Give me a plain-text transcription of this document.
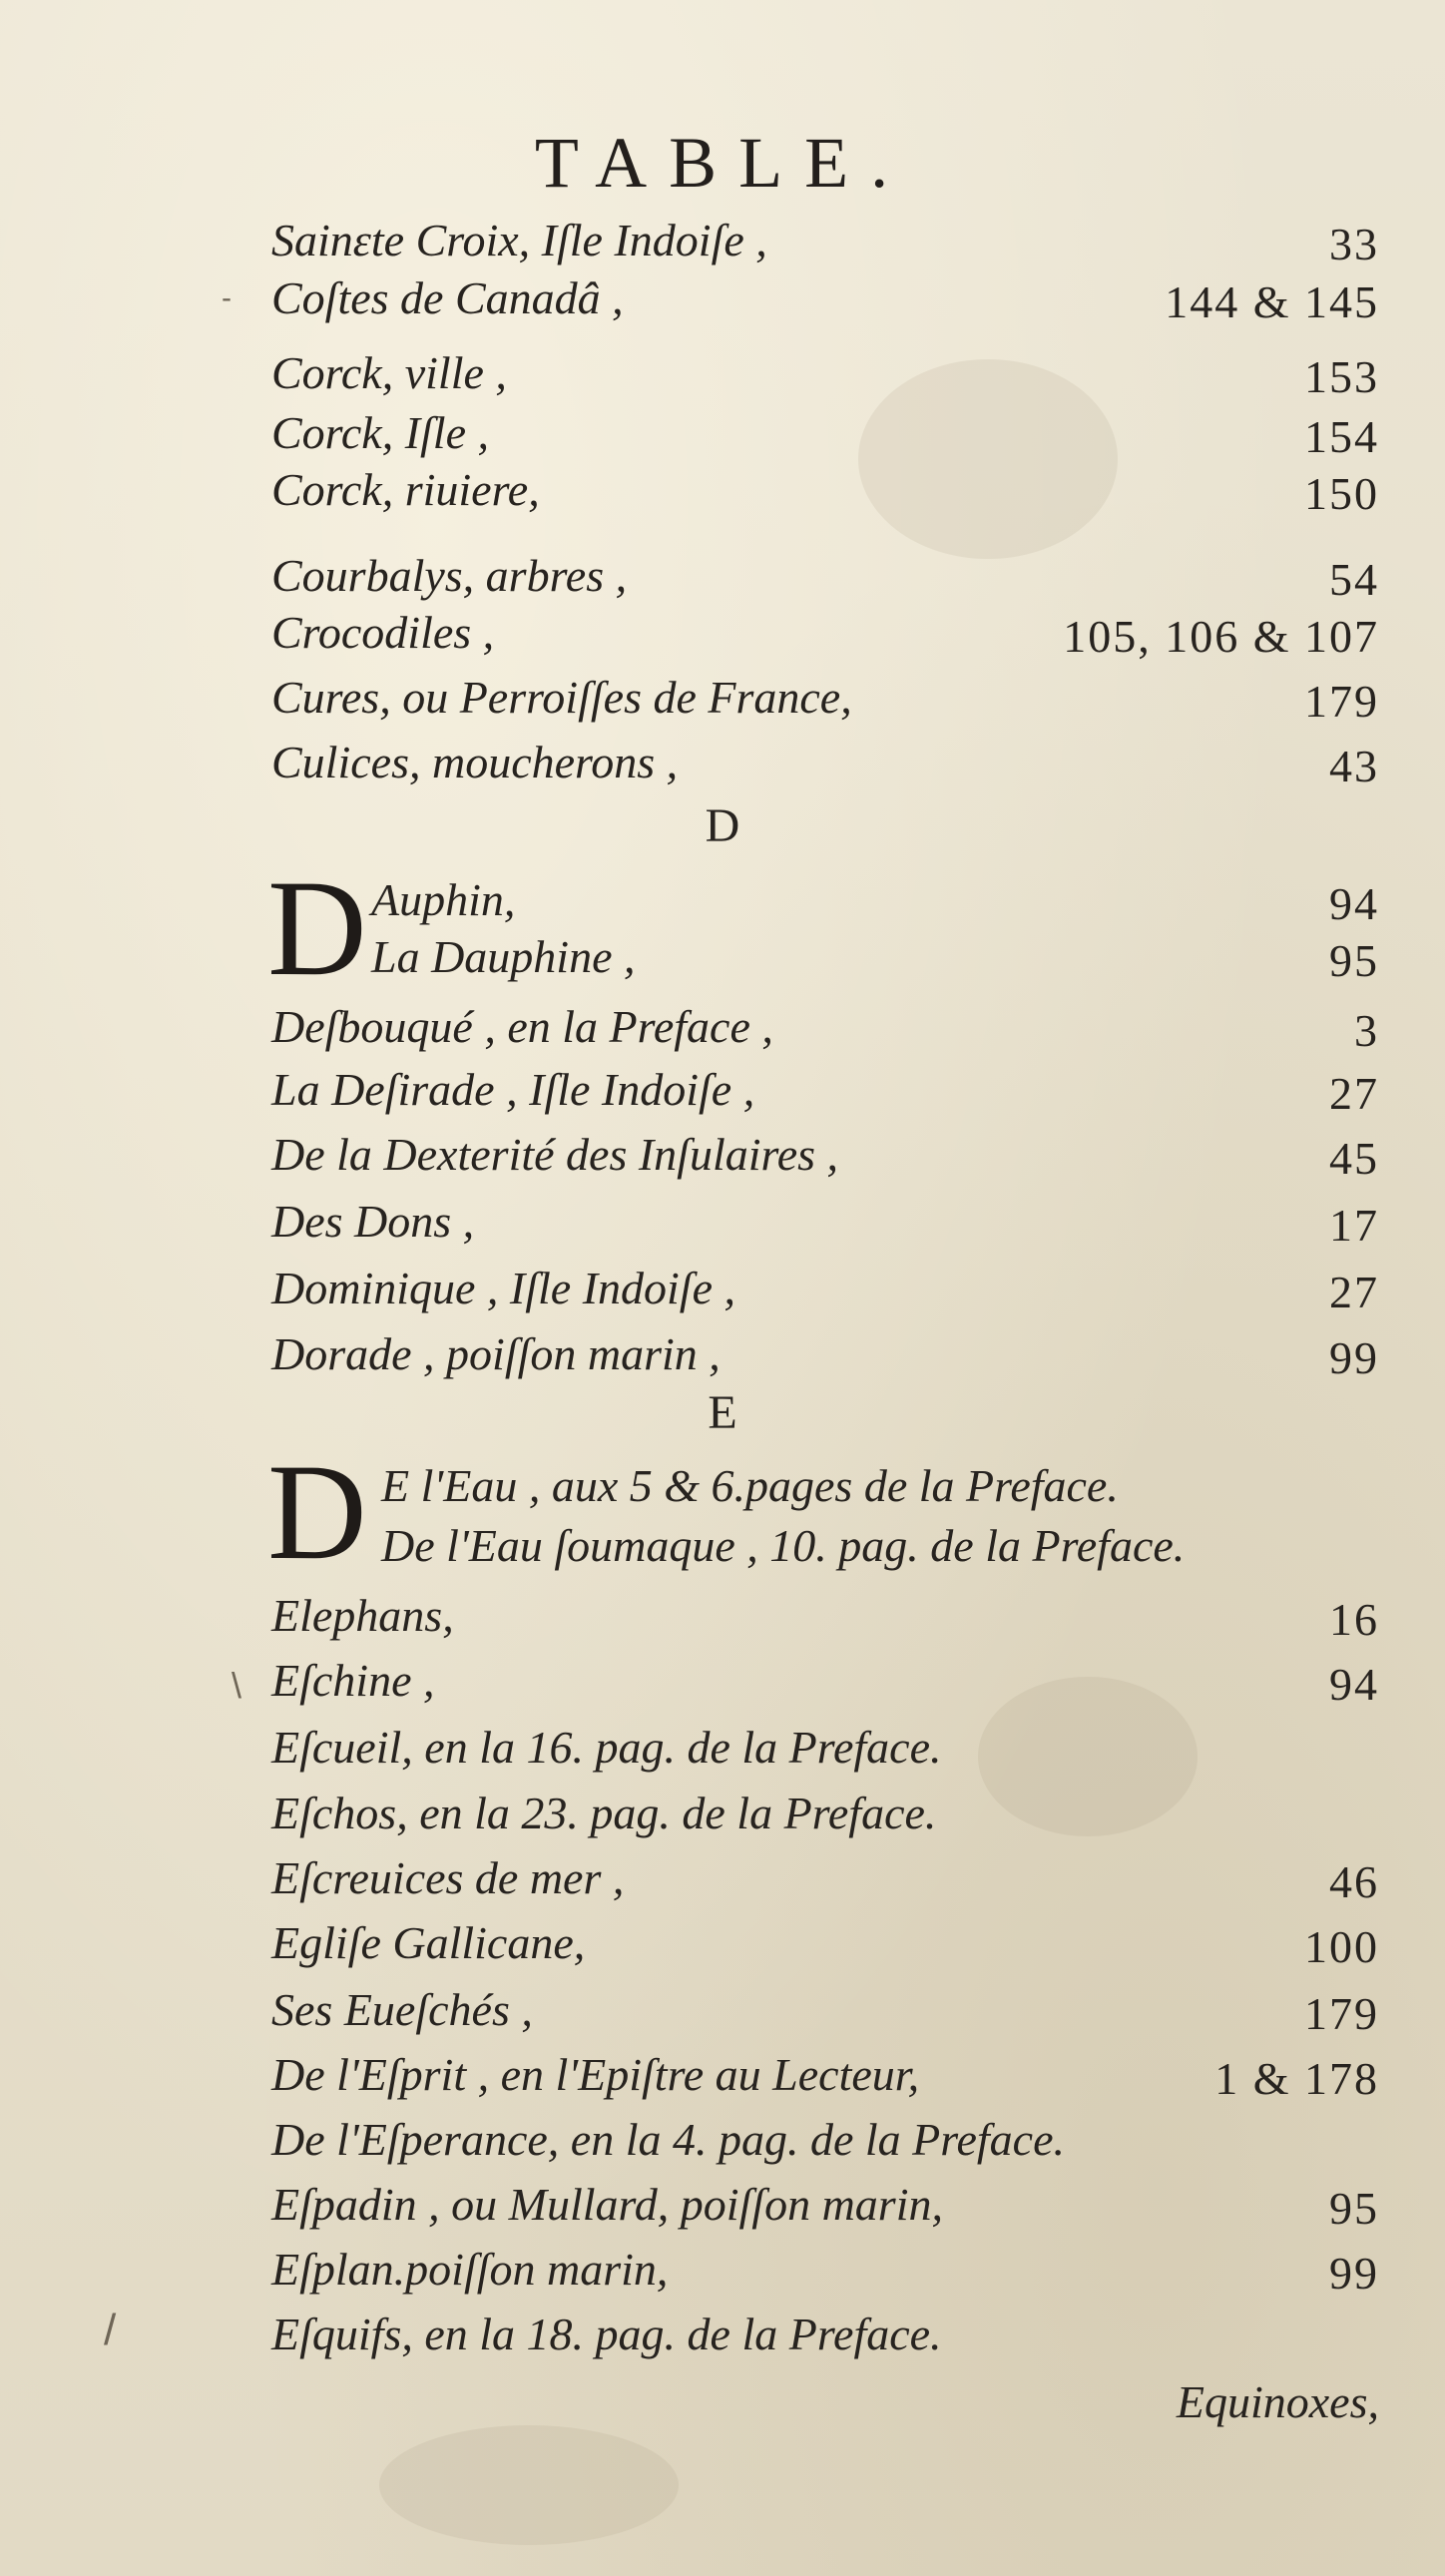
TABLE.
Sainɛte Croix, Iſle Indoiſe ,	33
Coſtes de Canadâ ,	144 & 145
Corck, ville ,	153
Corck, Iſle ,	154
Corck, riuiere,	150
Courbalys, arbres ,	54
Crocodiles ,	105, 106 & 107
Cures, ou Perroiſſes de France,	179
Culices, moucherons ,	43
D
D Auphin,	94
La Dauphine ,	95
Deſbouqué , en la Preface ,	3
La Deſirade , Iſle Indoiſe ,	27
De la Dexterité des Inſulaires ,	45
Des Dons ,	17
Dominique , Iſle Indoiſe ,	27
Dorade , poiſſon marin ,	99
E
D E l'Eau , aux 5 & 6.pages de la Preface.
De l'Eau ſoumaque , 10. pag. de la Preface.
Elephans,	16
Eſchine ,	94
Eſcueil, en la 16. pag. de la Preface.
Eſchos, en la 23. pag. de la Preface.
Eſcreuices de mer ,	46
Egliſe Gallicane,	100
Ses Eueſchés ,	179
De l'Eſprit , en l'Epiſtre au Lecteur,	1 & 178
De l'Eſperance, en la 4. pag. de la Preface.
Eſpadin , ou Mullard, poiſſon marin,	95
Eſplan.poiſſon marin,	99
Eſquifs, en la 18. pag. de la Preface.
Equinoxes,
-
\
/
